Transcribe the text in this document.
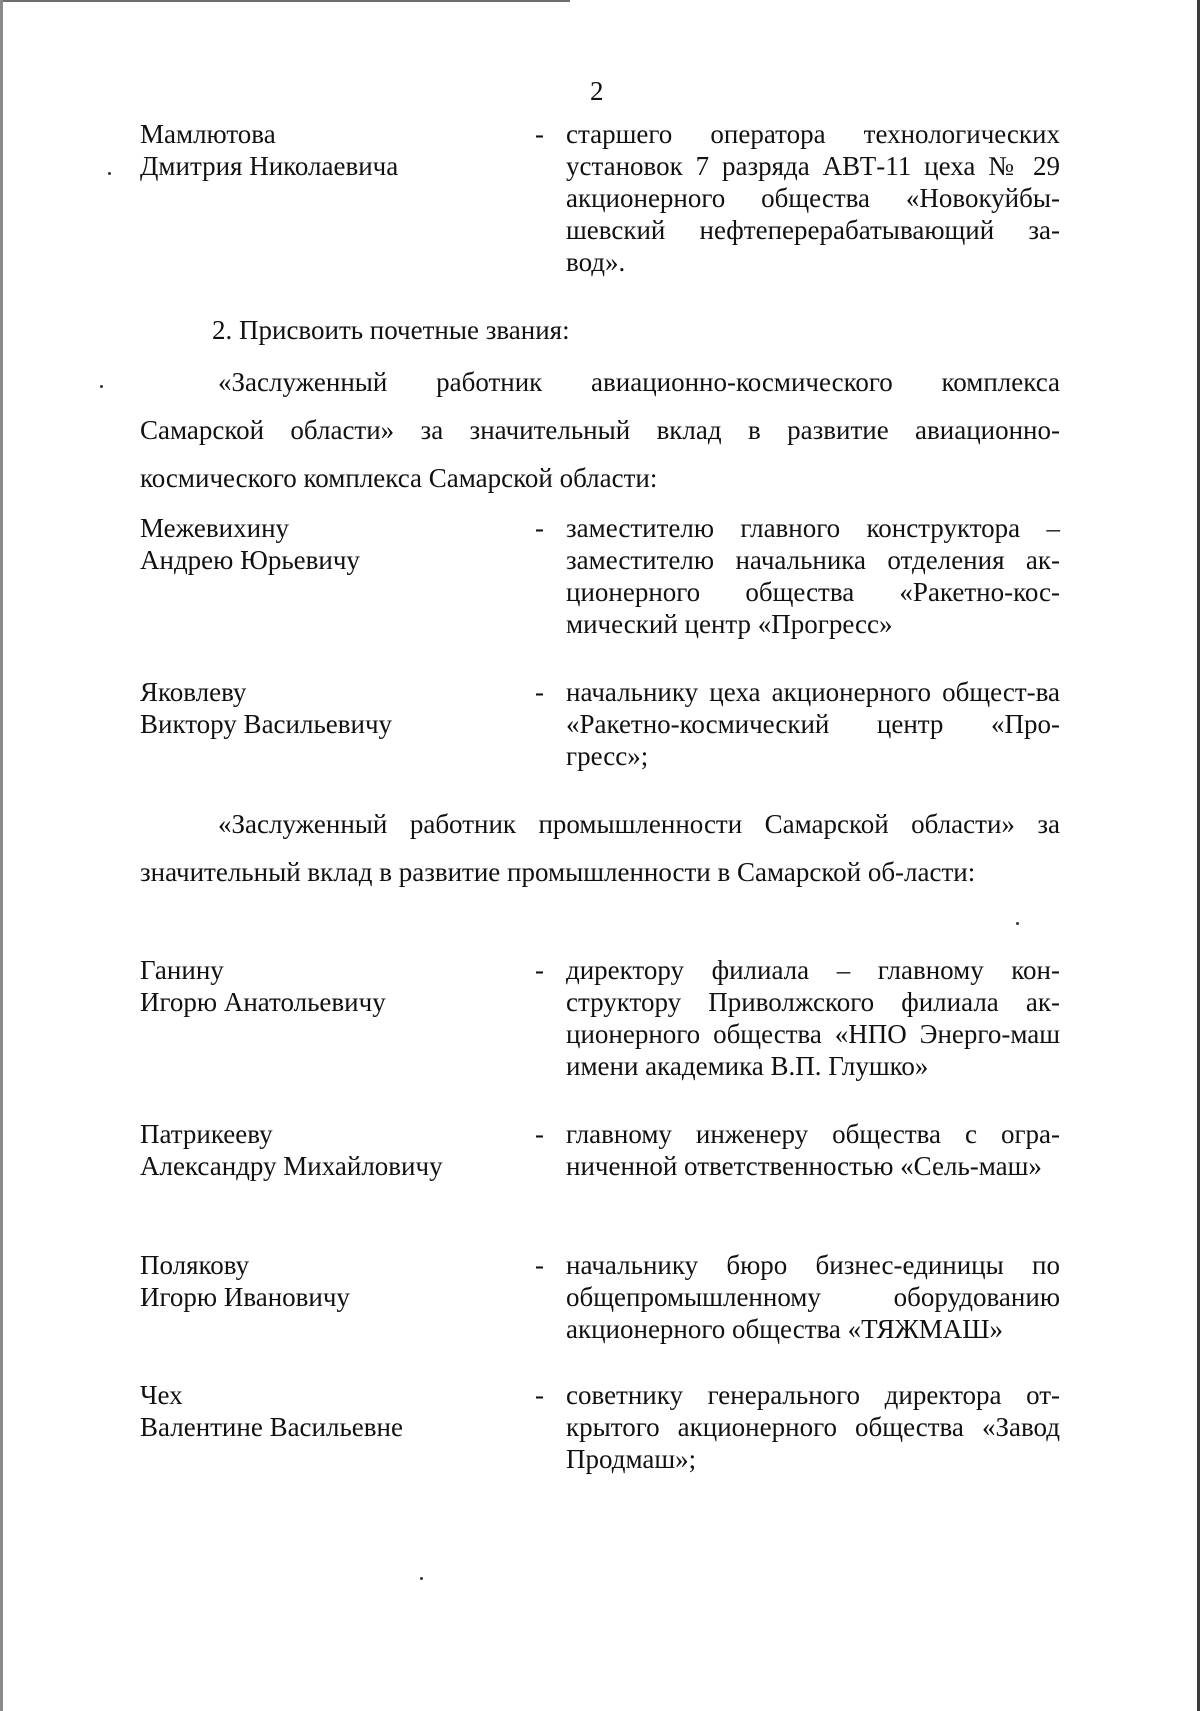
2
Мамлютова
Дмитрия Николаевича
- старшего оператора технологических установок 7 разряда АВТ-11 цеха № 29 акционерного общества «Новокуйбы-шевский нефтеперерабатывающий за-вод».
2. Присвоить почетные звания:
«Заслуженный работник авиационно-космического комплекса Самарской области» за значительный вклад в развитие авиационно-космического комплекса Самарской области:
Межевихину
Андрею Юрьевичу
- заместителю главного конструктора – заместителю начальника отделения ак-ционерного общества «Ракетно-кос-мический центр «Прогресс»
Яковлеву
Виктору Васильевичу
- начальнику цеха акционерного общест-ва «Ракетно-космический центр «Про-гресс»;
«Заслуженный работник промышленности Самарской области» за значительный вклад в развитие промышленности в Самарской об-ласти:
Ганину
Игорю Анатольевичу
- директору филиала – главному кон-структору Приволжского филиала ак-ционерного общества «НПО Энерго-маш имени академика В.П. Глушко»
Патрикееву
Александру Михайловичу
- главному инженеру общества с огра-ниченной ответственностью «Сель-маш»
Полякову
Игорю Ивановичу
- начальнику бюро бизнес-единицы по общепромышленному оборудованию акционерного общества «ТЯЖМАШ»
Чех
Валентине Васильевне
- советнику генерального директора от-крытого акционерного общества «Завод Продмаш»;
